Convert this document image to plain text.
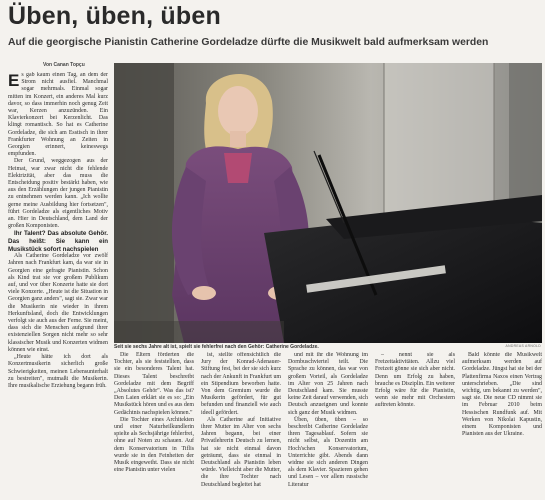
Üben, üben, üben
Auf die georgische Pianistin Catherine Gordeladze dürfte die Musikwelt bald aufmerksam werden
Von Canan Topçu

Es gab kaum einen Tag, an dem der Strom nicht ausfiel. Manchmal sogar mehrmals. Einmal sogar mitten im Konzert, ein anderes Mal kurz davor, so dass immerhin noch genug Zeit war, Kerzen anzuzünden. Ein Klavierkonzert bei Kerzenlicht. Das klingt romantisch. So hat es Catherine Gordeladze, die sich am Esstisch in ihrer Frankfurter Wohnung an Zeiten in Georgien erinnert, keineswegs empfunden.

Der Grund, weggezogen aus der Heimat, war zwar nicht die fehlende Elektrizität, aber das muss die Entscheidung positiv bestärkt haben, wie aus den Erzählungen der jungen Pianistin zu entnehmen werden kann. „Ich wollte gerne meine Ausbildung hier fortsetzen", führt Gordeladze als eigentliches Motiv an. Hier in Deutschland, dem Land der großen Komponisten.

Ihr Talent? Das absolute Gehör. Das heißt: Sie kann ein Musikstück sofort nachspielen

Als Catherine Gordeladze vor zwölf Jahren nach Frankfurt kam, da war sie in Georgien eine gefragte Pianistin. Schon als Kind trat sie vor großem Publikum auf, und vor über Konzerte hatte sie dort viele Konzerte. „Heute ist die Situation in Georgien ganz anders", sagt sie. Zwar war die Musikerin nie wieder in ihrem Herkunftsland, doch die Entwicklungen verfolgt sie auch aus der Ferne. Sie meint, dass sich die Menschen aufgrund ihrer existenziellen Sorgen nicht mehr so sehr klassischer Musik und Konzerten widmen können wie einst.

„Heute hätte ich dort als Konzertmusikerin sicherlich große Schwierigkeiten, meinen Lebensunterhalt zu bestreiten", mutmaßt die Musikerin. Ihre musikalische Erziehung begann früh.

Seit sie sechs Jahre alt ist, spielt sie fehlerfrei nach den Gehör: Catherine Gordeladze.	ANDREAS ARNOLD

Die Eltern förderten die Tochter, als sie feststellten, dass sie ein besonderes Talent hat. Dieses Talent beschreibt Gordeladze mit dem Begriff „Absolutes Gehör". Was das ist? Den Laien erklärt sie es so: „Ein Musikstück hören und es aus dem Gedächtnis nachspielen können."

Die Tochter eines Architekten und einer Naturheilkundlerin spielte als Sechsjährige fehlerfrei, ohne auf Noten zu schauen. Auf dem Konservatorium in Tiflis wurde sie in den Feinheiten der Musik eingeweiht. Dass sie nicht eine Pianistin unter vielen

ist, stellte offensichtlich die Jury der Konrad-Adenauer-Stiftung fest, bei der sie sich kurz nach der Ankunft in Frankfurt um ein Stipendium beworben hatte. Von dem Gremium wurde die Musikerin gefördert, für gut befunden und finanziell wie auch ideell gefördert.

Als Catherine auf Initiative ihrer Mutter im Alter von sechs Jahren begann, bei einer Privatlehrerin Deutsch zu lernen, hat sie nicht einmal davon geträumt, dass sie einmal in Deutschland als Pianistin leben würde. Vielleicht aber die Mutter, die ihre Tochter nach Deutschland begleitet hat

und mit ihr die Wohnung im Dornbuschviertel teilt. Die Sprache zu können, das war von großem Vorteil, als Gordeladze im Alter von 25 Jahren nach Deutschland kam. Sie musste keine Zeit darauf verwenden, sich Deutsch anzueignen und konnte sich ganz der Musik widmen.

Üben, üben, üben – so beschreibt Catherine Gordeladze ihren Tagesablauf. Sofern sie nicht selbst, als Dozentin am Hoch'schen Konservatorium, Unterrichte gibt. Abends dann widme sie sich anderen Dingen als dem Klavier. Spazieren gehen und Lesen – vor allem russische Literatur

– nennt sie als Freizeitaktivitäten. Allzu viel Freizeit gönne sie sich aber nicht. Denn um Erfolg zu haben, brauche es Disziplin. Ein weiterer Erfolg wäre für die Pianistin, wenn sie mehr mit Orchestern auftreten könnte.

Bald könnte die Musikwelt aufmerksam werden auf Gordeladze. Jüngst hat sie bei der Plattenfirma Naxos einen Vertrag unterschrieben. „Die sind wichtig, um bekannt zu werden", sagt sie. Die neue CD nimmt sie im Februar 2010 beim Hessischen Rundfunk auf. Mit Werken von Nikolai Kapustin, einem Komponisten und Pianisten aus der Ukraine.
